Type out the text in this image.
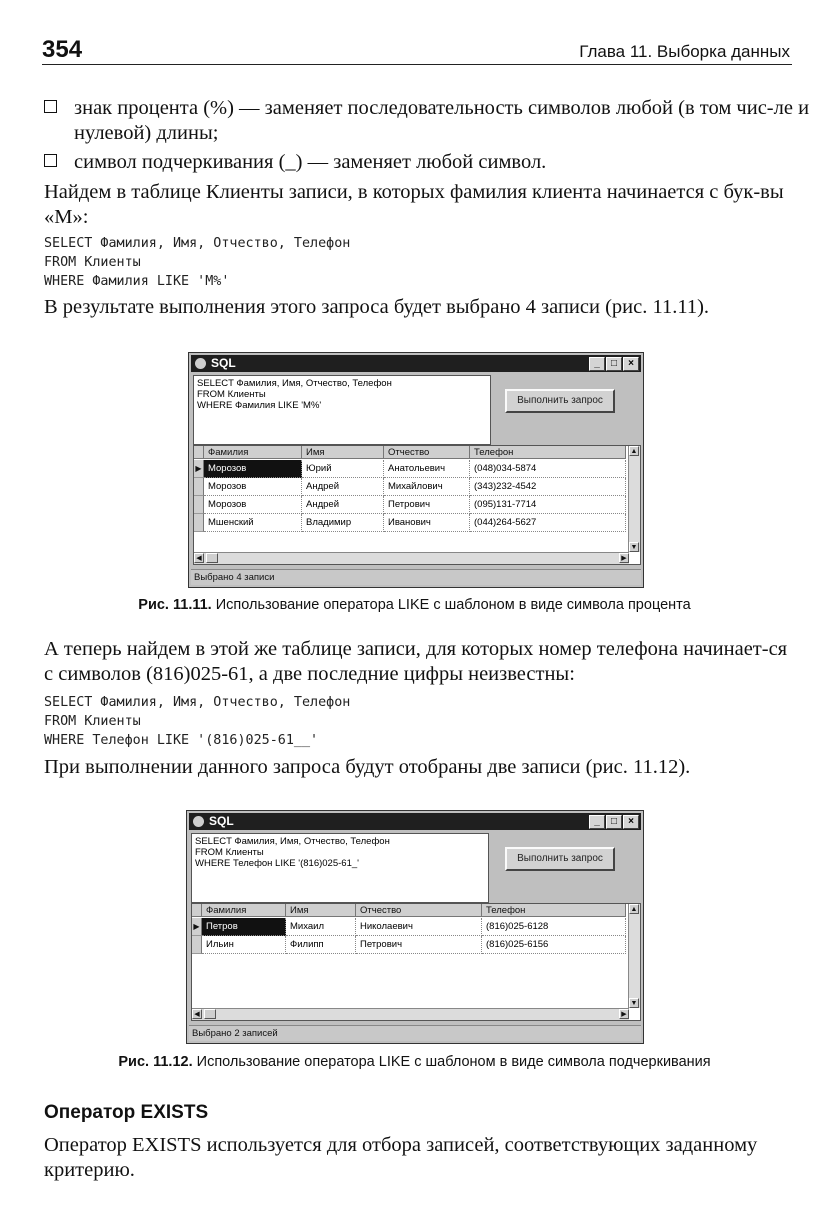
354	Глава 11. Выборка данных

знак процента (%) — заменяет последовательность символов любой (в том чис-ле и нулевой) длины;

символ подчеркивания (_) — заменяет любой символ.

Найдем в таблице Клиенты записи, в которых фамилия клиента начинается с бук-вы «М»:

SELECT Фамилия, Имя, Отчество, Телефон
FROM Клиенты
WHERE Фамилия LIKE 'M%'

В результате выполнения этого запроса будет выбрано 4 записи (рис. 11.11).

SQL	_	□	×
SELECT Фамилия, Имя, Отчество, Телефон
FROM Клиенты
WHERE Фамилия LIKE 'M%'	Выполнить запрос
Фамилия	Имя	Отчество	Телефон
▶ Морозов	Юрий	Анатольевич	(048)034-5874
Морозов	Андрей	Михайлович	(343)232-4542
Морозов	Андрей	Петрович	(095)131-7714
Мшенский	Владимир	Иванович	(044)264-5627
▲
▼
◀	▶
Выбрано 4 записи
Рис. 11.11. Использование оператора LIKE с шаблоном в виде символа процента

А теперь найдем в этой же таблице записи, для которых номер телефона начинает-ся с символов (816)025-61, а две последние цифры неизвестны:

SELECT Фамилия, Имя, Отчество, Телефон
FROM Клиенты
WHERE Телефон LIKE '(816)025-61__'

При выполнении данного запроса будут отобраны две записи (рис. 11.12).

SQL	_	□	×
SELECT Фамилия, Имя, Отчество, Телефон
FROM Клиенты
WHERE Телефон LIKE '(816)025-61_'	Выполнить запрос
Фамилия	Имя	Отчество	Телефон
▶ Петров	Михаил	Николаевич	(816)025-6128
Ильин	Филипп	Петрович	(816)025-6156
▲
▼
◀	▶
Выбрано 2 записей
Рис. 11.12. Использование оператора LIKE с шаблоном в виде символа подчеркивания
Оператор EXISTS

Оператор EXISTS используется для отбора записей, соответствующих заданному критерию.
